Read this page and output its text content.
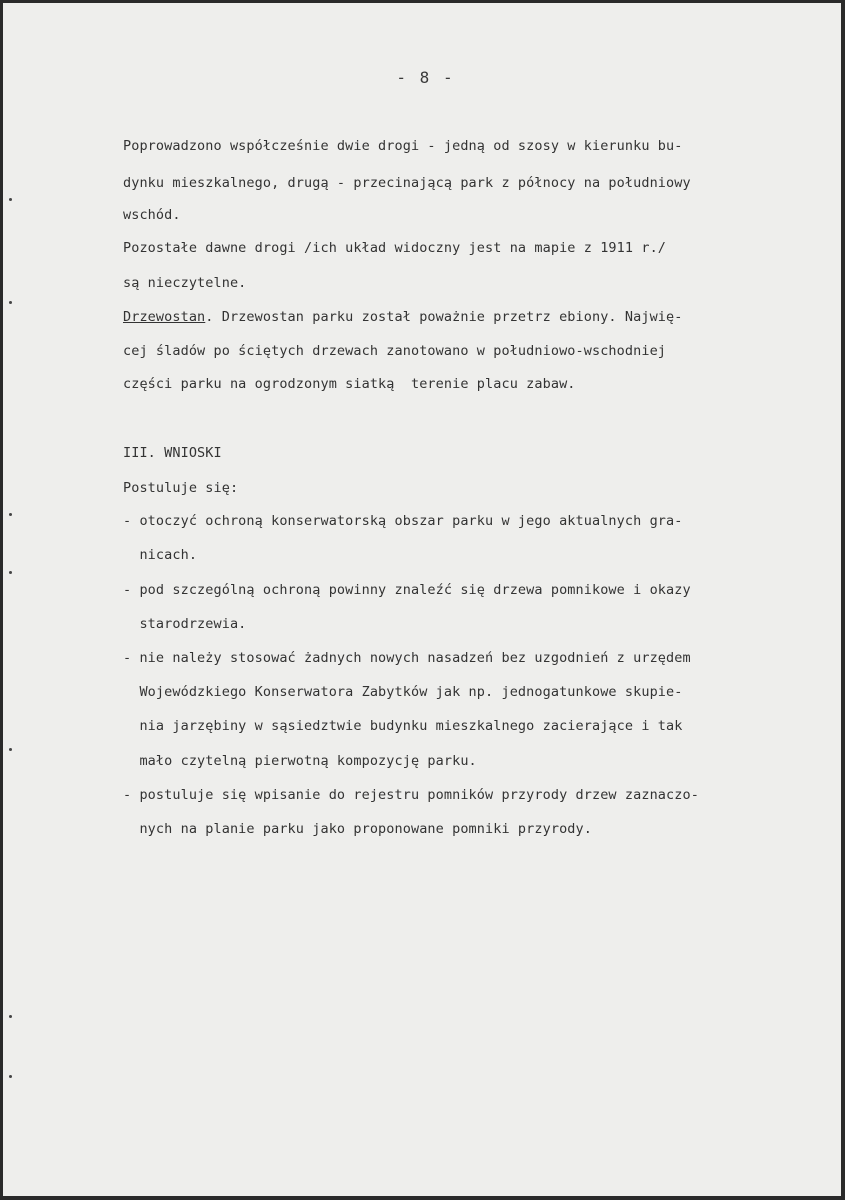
- 8 -
Poprowadzono współcześnie dwie drogi - jedną od szosy w kierunku bu-
dynku mieszkalnego, drugą - przecinającą park z północy na południowy
wschód.
Pozostałe dawne drogi /ich układ widoczny jest na mapie z 1911 r./
są nieczytelne.
Drzewostan. Drzewostan parku został poważnie przetrz ebiony. Najwię-
cej śladów po ściętych drzewach zanotowano w południowo-wschodniej
części parku na ogrodzonym siatką  terenie placu zabaw.
III. WNIOSKI
Postuluje się:
- otoczyć ochroną konserwatorską obszar parku w jego aktualnych gra-
nicach.
- pod szczególną ochroną powinny znaleźć się drzewa pomnikowe i okazy
starodrzewia.
- nie należy stosować żadnych nowych nasadzeń bez uzgodnień z urzędem
Wojewódzkiego Konserwatora Zabytków jak np. jednogatunkowe skupie-
nia jarzębiny w sąsiedztwie budynku mieszkalnego zacierające i tak
mało czytelną pierwotną kompozycję parku.
- postuluje się wpisanie do rejestru pomników przyrody drzew zaznaczo-
nych na planie parku jako proponowane pomniki przyrody.
